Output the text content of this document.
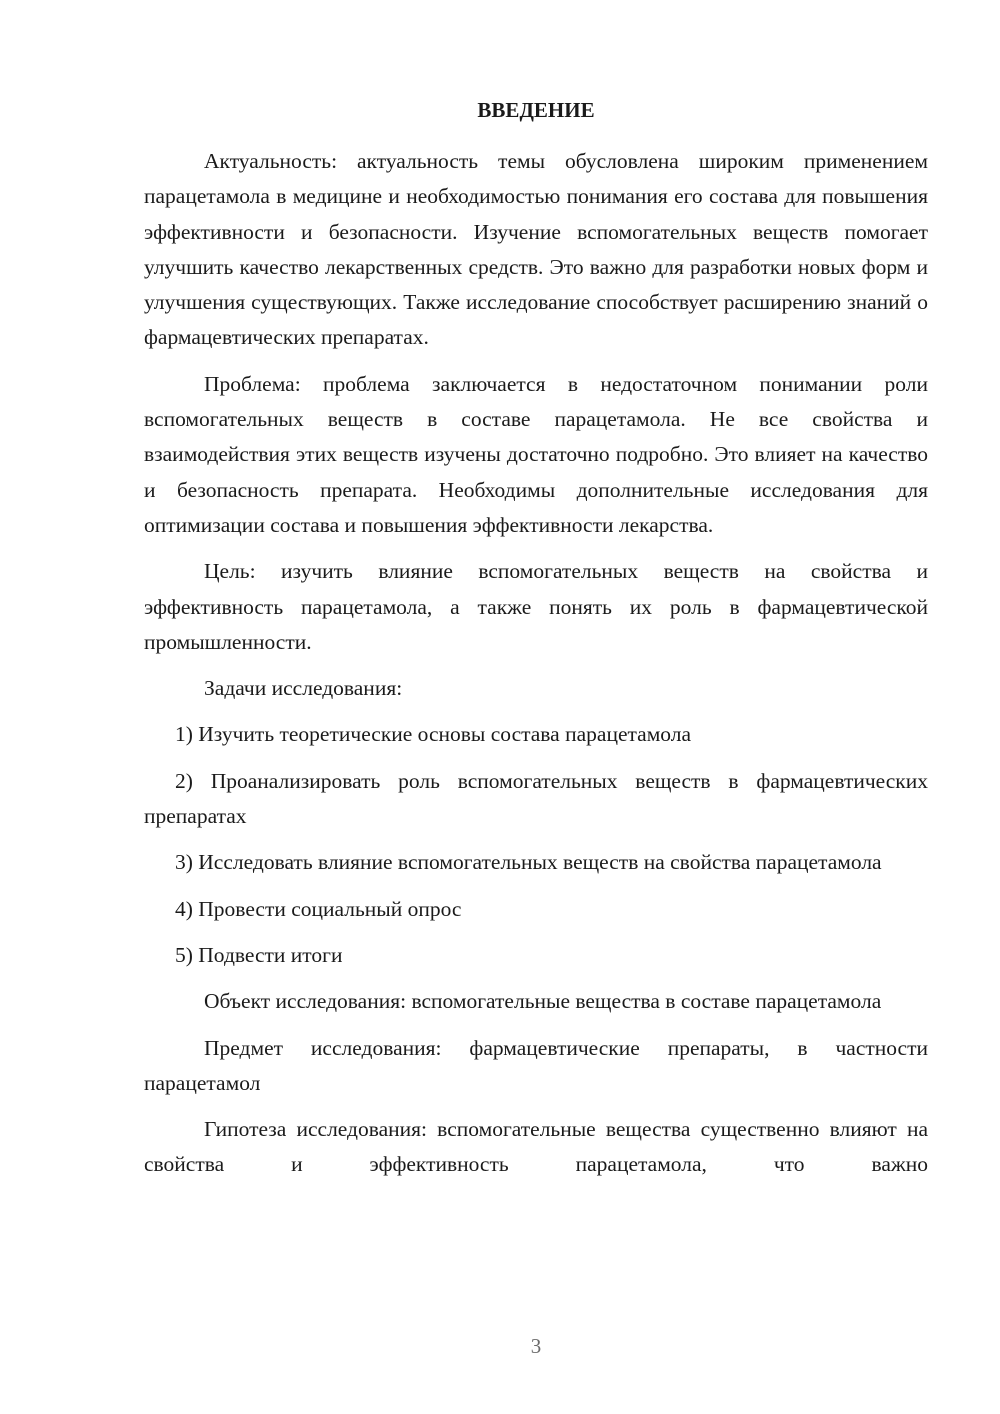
ВВЕДЕНИЕ

Актуальность: актуальность темы обусловлена широким применением парацетамола в медицине и необходимостью понимания его состава для повышения эффективности и безопасности. Изучение вспомогательных веществ помогает улучшить качество лекарственных средств. Это важно для разработки новых форм и улучшения существующих. Также исследование способствует расширению знаний о фармацевтических препаратах.

Проблема: проблема заключается в недостаточном понимании роли вспомогательных веществ в составе парацетамола. Не все свойства и взаимодействия этих веществ изучены достаточно подробно. Это влияет на качество и безопасность препарата. Необходимы дополнительные исследования для оптимизации состава и повышения эффективности лекарства.

Цель: изучить влияние вспомогательных веществ на свойства и эффективность парацетамола, а также понять их роль в фармацевтической промышленности.

Задачи исследования:

1) Изучить теоретические основы состава парацетамола

2) Проанализировать роль вспомогательных веществ в фармацевтических препаратах

3) Исследовать влияние вспомогательных веществ на свойства парацетамола

4) Провести социальный опрос

5) Подвести итоги

Объект исследования: вспомогательные вещества в составе парацетамола

Предмет исследования: фармацевтические препараты, в частности парацетамол

Гипотеза исследования: вспомогательные вещества существенно влияют на свойства и эффективность парацетамола, что важно

3
